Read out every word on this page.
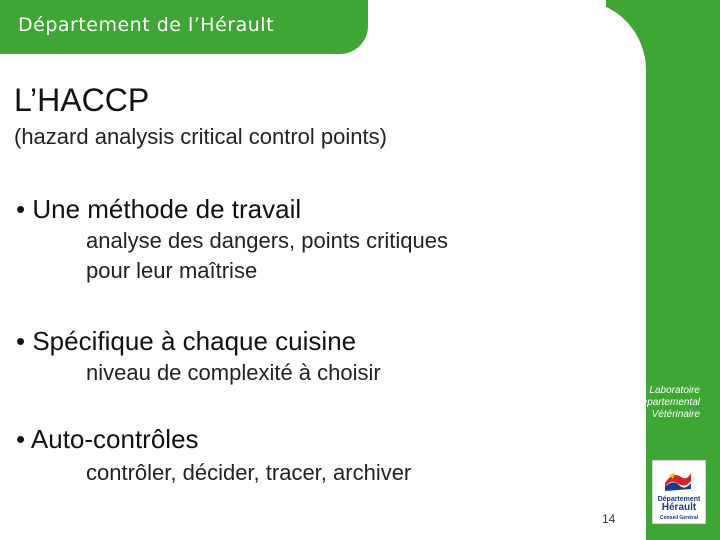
Département de l’Hérault
L’HACCP
(hazard analysis critical control points)
• Une méthode de travail
analyse des dangers, points critiques
pour leur maîtrise
• Spécifique à chaque cuisine
niveau de complexité à choisir
• Auto-contrôles
contrôler, décider, tracer, archiver
Laboratoire
Départemental
Vétérinaire
Département
Hérault
Conseil Général
14
